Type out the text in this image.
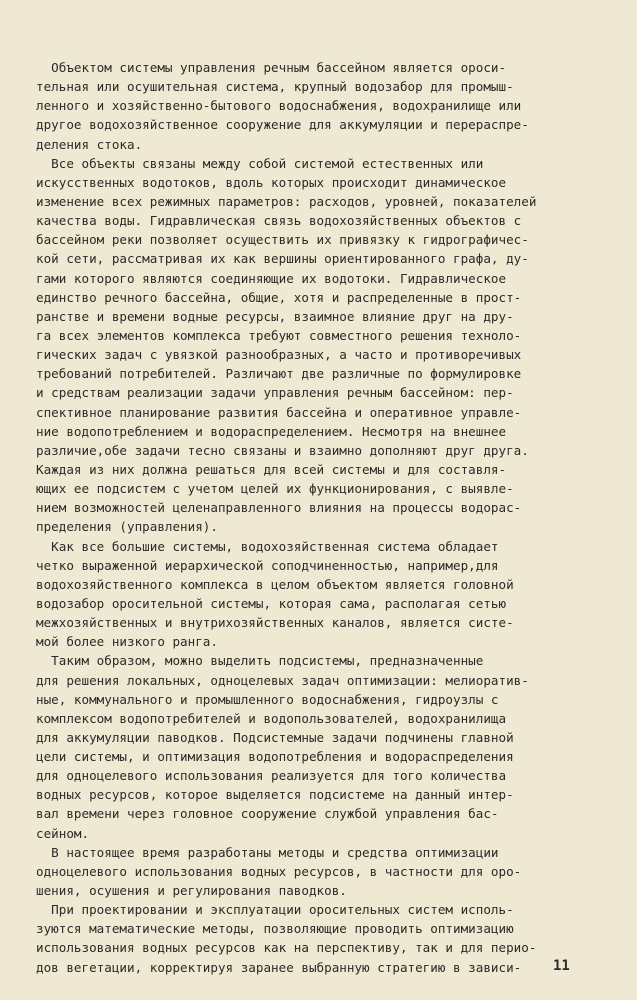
Объектом системы управления речным бассейном является ороси-
тельная или осушительная система, крупный водозабор для промыш-
ленного и хозяйственно-бытового водоснабжения, водохранилище или
другое водохозяйственное сооружение для аккумуляции и перераспре-
деления стока.
Все объекты связаны между собой системой естественных или
искусственных водотоков, вдоль которых происходит динамическое
изменение всех режимных параметров: расходов, уровней, показателей
качества воды. Гидравлическая связь водохозяйственных объектов с
бассейном реки позволяет осуществить их привязку к гидрографичес-
кой сети, рассматривая их как вершины ориентированного графа, ду-
гами которого являются соединяющие их водотоки. Гидравлическое
единство речного бассейна, общие, хотя и распределенные в прост-
ранстве и времени водные ресурсы, взаимное влияние друг на дру-
га всех элементов комплекса требуют совместного решения техноло-
гических задач с увязкой разнообразных, а часто и противоречивых
требований потребителей. Различают две различные по формулировке
и средствам реализации задачи управления речным бассейном: пер-
спективное планирование развития бассейна и оперативное управле-
ние водопотреблением и водораспределением. Несмотря на внешнее
различие,обе задачи тесно связаны и взаимно дополняют друг друга.
Каждая из них должна решаться для всей системы и для составля-
ющих ее подсистем с учетом целей их функционирования, с выявле-
нием возможностей целенаправленного влияния на процессы водорас-
пределения (управления).
Как все большие системы, водохозяйственная система обладает
четко выраженной иерархической соподчиненностью, например,для
водохозяйственного комплекса в целом объектом является головной
водозабор оросительной системы, которая сама, располагая сетью
межхозяйственных и внутрихозяйственных каналов, является систе-
мой более низкого ранга.
Таким образом, можно выделить подсистемы, предназначенные
для решения локальных, одноцелевых задач оптимизации: мелиоратив-
ные, коммунального и промышленного водоснабжения, гидроузлы с
комплексом водопотребителей и водопользователей, водохранилища
для аккумуляции паводков. Подсистемные задачи подчинены главной
цели системы, и оптимизация водопотребления и водораспределения
для одноцелевого использования реализуется для того количества
водных ресурсов, которое выделяется подсистеме на данный интер-
вал времени через головное сооружение службой управления бас-
сейном.
В настоящее время разработаны методы и средства оптимизации
одноцелевого использования водных ресурсов, в частности для оро-
шения, осушения и регулирования паводков.
При проектировании и эксплуатации оросительных систем исполь-
зуются математические методы, позволяющие проводить оптимизацию
использования водных ресурсов как на перспективу, так и для перио-
дов вегетации, корректируя заранее выбранную стратегию в зависи-	11
